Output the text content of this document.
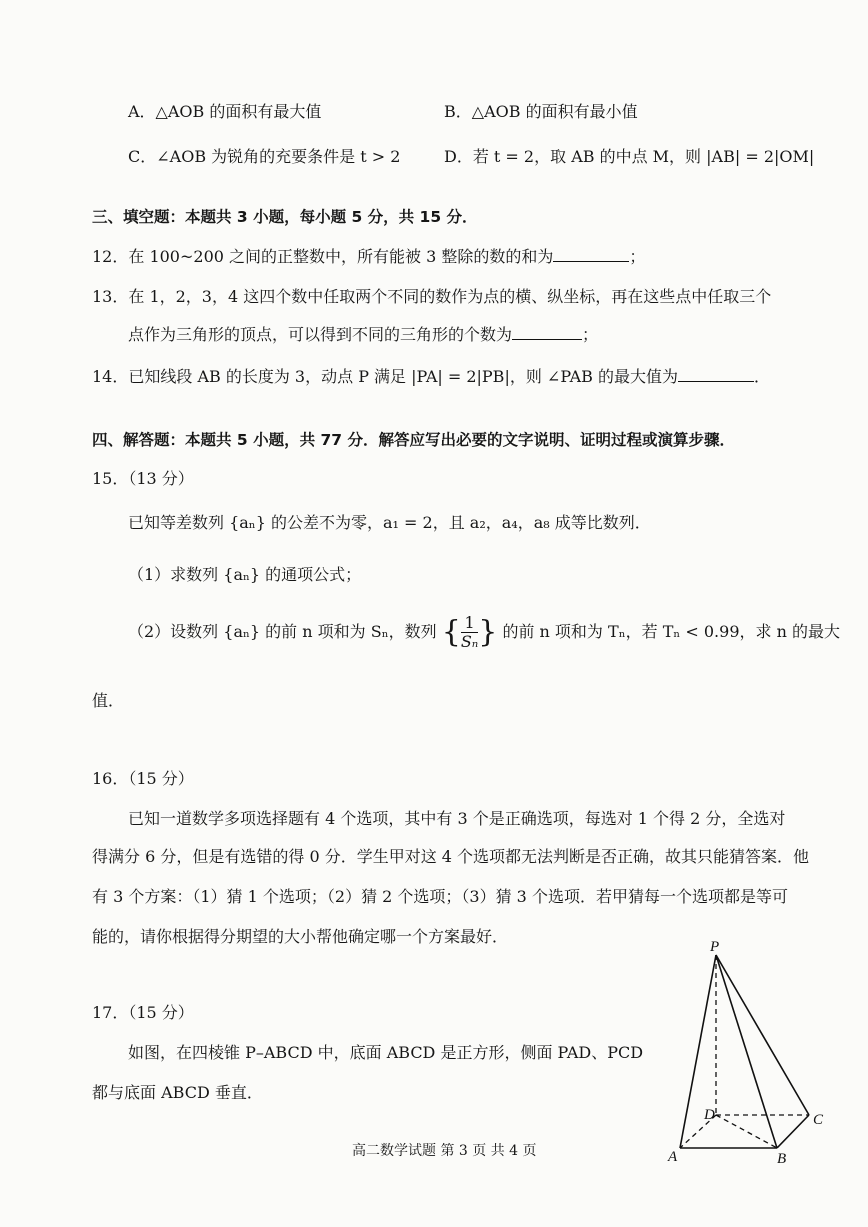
A．△AOB 的面积有最大值	B．△AOB 的面积有最小值
C．∠AOB 为锐角的充要条件是 t > 2	D．若 t = 2，取 AB 的中点 M，则 |AB| = 2|OM|
三、填空题：本题共 3 小题，每小题 5 分，共 15 分．
12．在 100~200 之间的正整数中，所有能被 3 整除的数的和为	；
13．在 1，2，3，4 这四个数中任取两个不同的数作为点的横、纵坐标，再在这些点中任取三个
点作为三角形的顶点，可以得到不同的三角形的个数为	；
14．已知线段 AB 的长度为 3，动点 P 满足 |PA| = 2|PB|，则 ∠PAB 的最大值为	．
四、解答题：本题共 5 小题，共 77 分．解答应写出必要的文字说明、证明过程或演算步骤．
15．（13 分）
已知等差数列 {aₙ} 的公差不为零，a₁ = 2，且 a₂，a₄，a₈ 成等比数列．
（1）求数列 {aₙ} 的通项公式；
（2）设数列 {aₙ} 的前 n 项和为 Sₙ，数列 { $\frac{1}{\text{Sₙ}}$ } 的前 n 项和为 Tₙ，若 Tₙ < 0.99，求 n 的最大
值．
16．（15 分）
已知一道数学多项选择题有 4 个选项，其中有 3 个是正确选项，每选对 1 个得 2 分，全选对
得满分 6 分，但是有选错的得 0 分．学生甲对这 4 个选项都无法判断是否正确，故其只能猜答案．他
有 3 个方案：（1）猜 1 个选项；（2）猜 2 个选项；（3）猜 3 个选项．若甲猜每一个选项都是等可
能的，请你根据得分期望的大小帮他确定哪一个方案最好．
17．（15 分）
如图，在四棱锥 P–ABCD 中，底面 ABCD 是正方形，侧面 PAD、PCD
都与底面 ABCD 垂直．
P
D	C
A	B
高二数学试题 第 3 页 共 4 页
